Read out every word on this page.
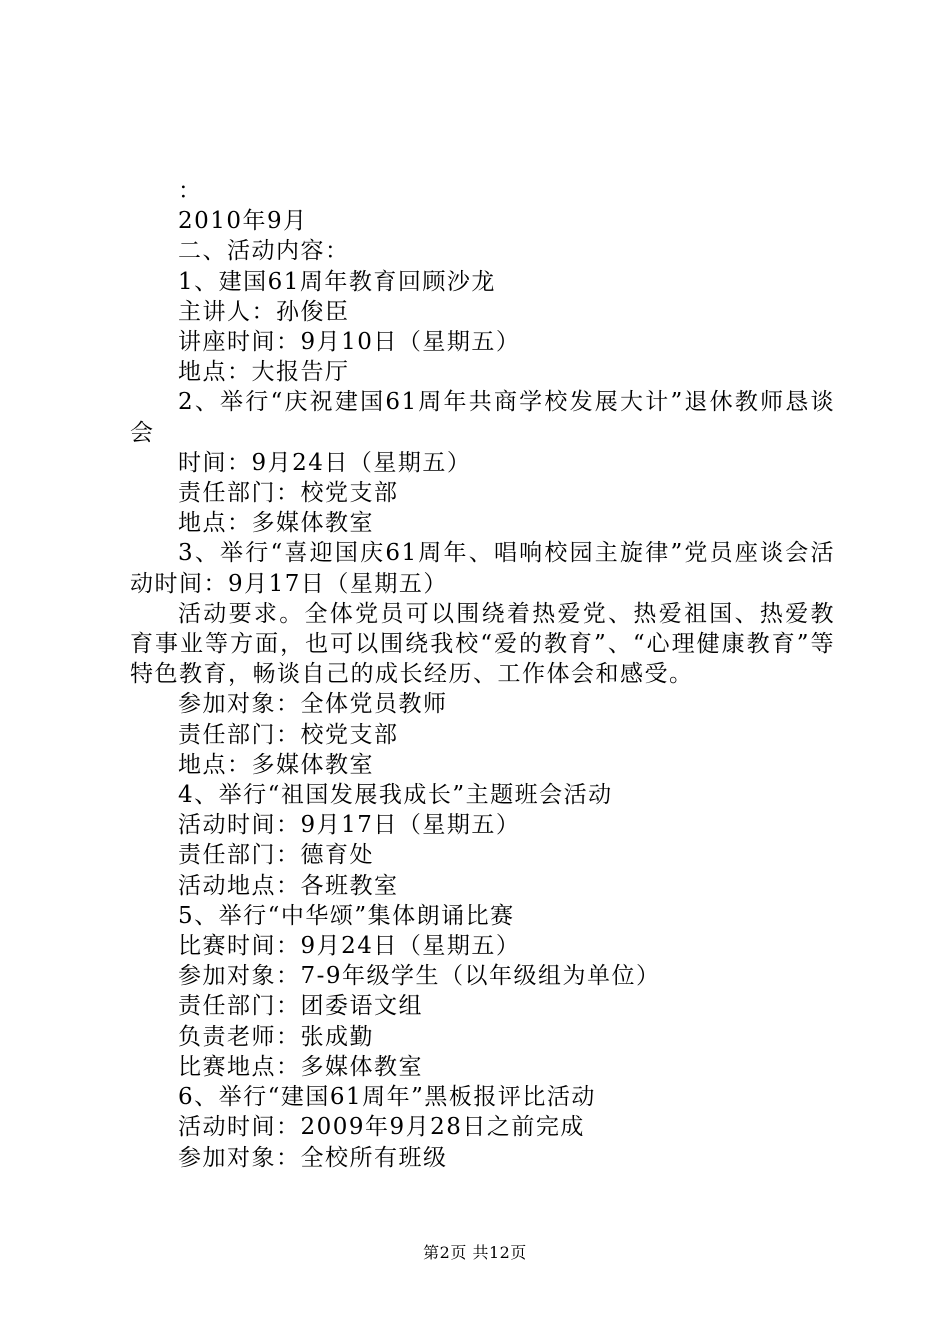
：

2010年9月

二、活动内容：

1、建国61周年教育回顾沙龙

主讲人：孙俊臣

讲座时间：9月10日（星期五）

地点：大报告厅

2、举行“庆祝建国61周年共商学校发展大计”退休教师恳谈会

时间：9月24日（星期五）

责任部门：校党支部

地点：多媒体教室

3、举行“喜迎国庆61周年、唱响校园主旋律”党员座谈会活动时间：9月17日（星期五）

活动要求。全体党员可以围绕着热爱党、热爱祖国、热爱教育事业等方面，也可以围绕我校“爱的教育”、“心理健康教育”等特色教育，畅谈自己的成长经历、工作体会和感受。

参加对象：全体党员教师

责任部门：校党支部

地点：多媒体教室

4、举行“祖国发展我成长”主题班会活动

活动时间：9月17日（星期五）

责任部门：德育处

活动地点：各班教室

5、举行“中华颂”集体朗诵比赛

比赛时间：9月24日（星期五）

参加对象：7-9年级学生（以年级组为单位）

责任部门：团委语文组

负责老师：张成勤

比赛地点：多媒体教室

6、举行“建国61周年”黑板报评比活动

活动时间：2009年9月28日之前完成

参加对象：全校所有班级

第2页 共12页
